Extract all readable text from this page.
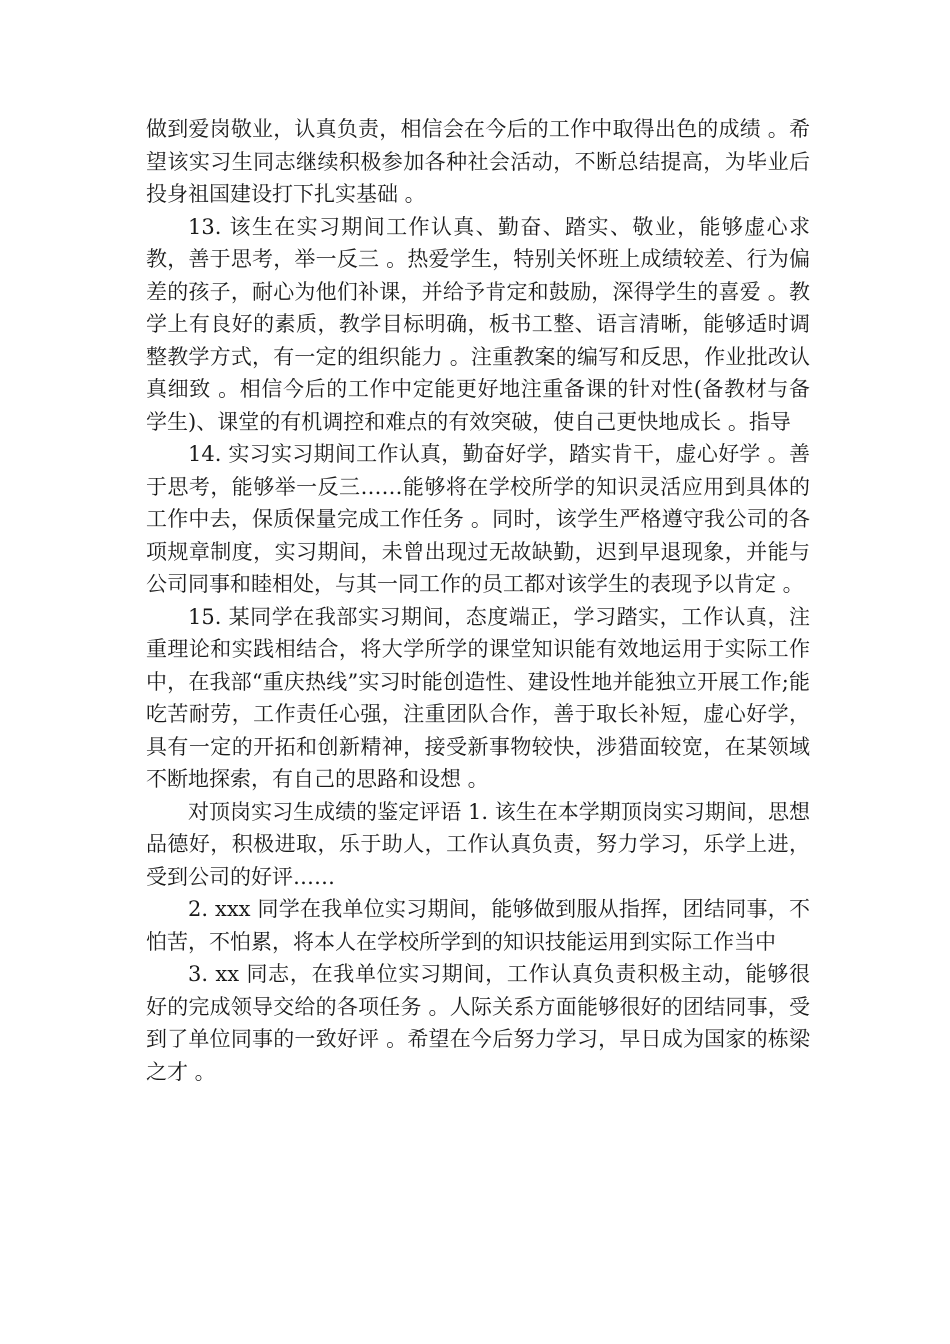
做到爱岗敬业，认真负责，相信会在今后的工作中取得出色的成绩 。希望该实习生同志继续积极参加各种社会活动，不断总结提高，为毕业后投身祖国建设打下扎实基础 。

13. 该生在实习期间工作认真、勤奋、踏实、敬业，能够虚心求教，善于思考，举一反三 。热爱学生，特别关怀班上成绩较差、行为偏差的孩子，耐心为他们补课，并给予肯定和鼓励，深得学生的喜爱 。教学上有良好的素质，教学目标明确，板书工整、语言清晰，能够适时调整教学方式，有一定的组织能力 。注重教案的编写和反思，作业批改认真细致 。相信今后的工作中定能更好地注重备课的针对性(备教材与备学生)、课堂的有机调控和难点的有效突破，使自己更快地成长 。指导

14. 实习实习期间工作认真，勤奋好学，踏实肯干，虚心好学 。善于思考，能够举一反三……能够将在学校所学的知识灵活应用到具体的工作中去，保质保量完成工作任务 。同时，该学生严格遵守我公司的各项规章制度，实习期间，未曾出现过无故缺勤，迟到早退现象，并能与公司同事和睦相处，与其一同工作的员工都对该学生的表现予以肯定 。

15. 某同学在我部实习期间，态度端正，学习踏实，工作认真，注重理论和实践相结合，将大学所学的课堂知识能有效地运用于实际工作中，在我部“重庆热线”实习时能创造性、建设性地并能独立开展工作;能吃苦耐劳，工作责任心强，注重团队合作，善于取长补短，虚心好学，具有一定的开拓和创新精神，接受新事物较快，涉猎面较宽，在某领域不断地探索，有自己的思路和设想 。

对顶岗实习生成绩的鉴定评语 1. 该生在本学期顶岗实习期间，思想品德好，积极进取，乐于助人，工作认真负责，努力学习，乐学上进，受到公司的好评……

2. xxx 同学在我单位实习期间，能够做到服从指挥，团结同事，不怕苦，不怕累，将本人在学校所学到的知识技能运用到实际工作当中

3. xx 同志，在我单位实习期间，工作认真负责积极主动，能够很好的完成领导交给的各项任务 。人际关系方面能够很好的团结同事，受到了单位同事的一致好评 。希望在今后努力学习，早日成为国家的栋梁之才 。
